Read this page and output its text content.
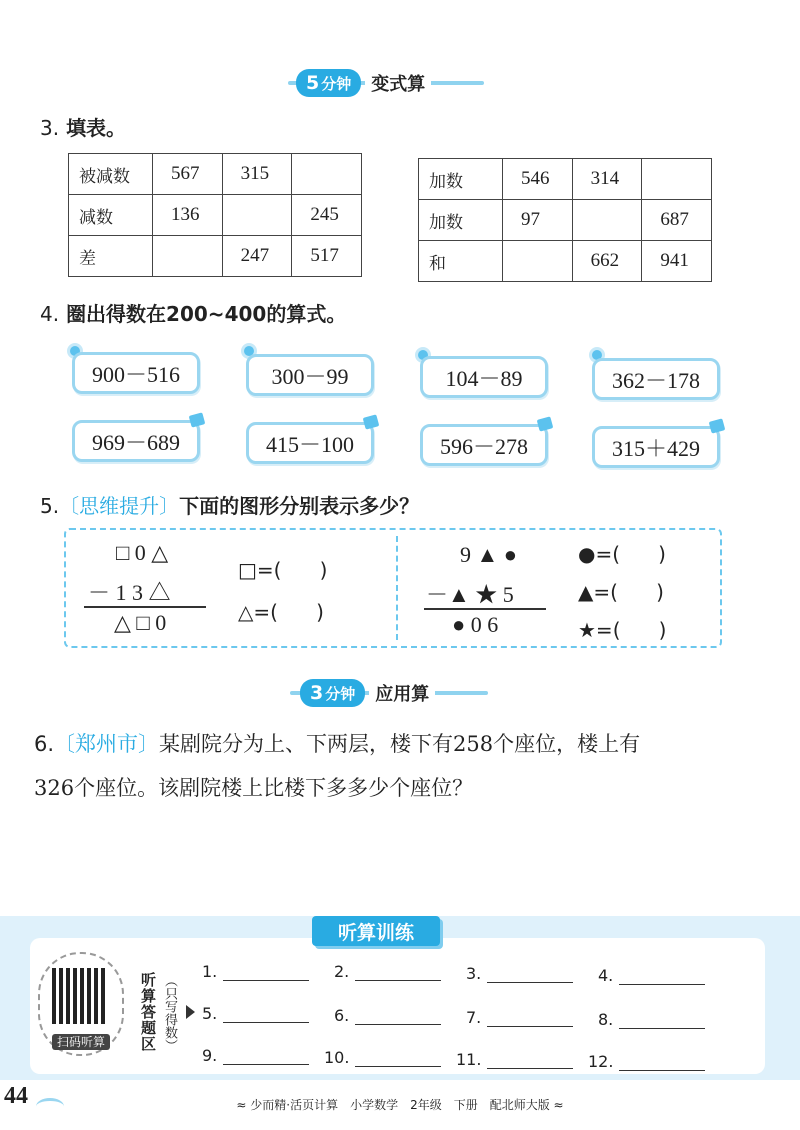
5 分钟	变式算
3. 填表。
被减数	567	315	
减数	136		245
差		247	517
加数	546	314	
加数	97		687
和		662	941
4. 圈出得数在200~400的算式。
900－516	300－99	104－89	362－178
969－689	415－100	596－278	315＋429
5.〔思维提升〕下面的图形分别表示多少？
□ 0 △
－ 1 3 △
△ □ 0
□=(      )
△=(      )
9 ▲ ●
－▲ ★ 5
● 0 6
●=(      )
▲=(      )
★=(      )
3 分钟	应用算
6.〔郑州市〕某剧院分为上、下两层，楼下有258个座位，楼上有
326个座位。该剧院楼上比楼下多多少个座位？
听算训练
扫码听算	听算答题区 （只写得数）
1.	2.	3.	4.
5.	6.	7.	8.
9.	10.	11.	12.
44	≈ 少而精·活页计算　小学数学　2年级　下册　配北师大版 ≈
